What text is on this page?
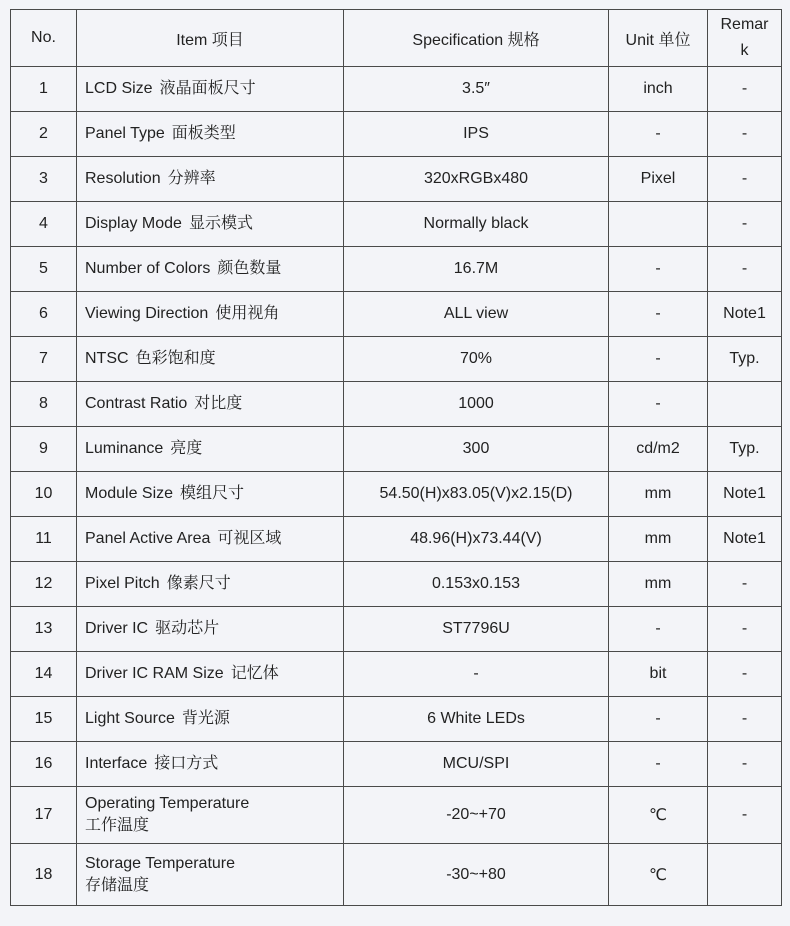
No.	Item 项目	Specification 规格	Unit 单位	Remar
k
1	LCD Size 液晶面板尺寸	3.5″	inch	-
2	Panel Type 面板类型	IPS	-	-
3	Resolution 分辨率	320xRGBx480	Pixel	-
4	Display Mode 显示模式	Normally black		-
5	Number of Colors 颜色数量	16.7M	-	-
6	Viewing Direction 使用视角	ALL view	-	Note1
7	NTSC 色彩饱和度	70%	-	Typ.
8	Contrast Ratio 对比度	1000	-	
9	Luminance 亮度	300	cd/m2	Typ.
10	Module Size 模组尺寸	54.50(H)x83.05(V)x2.15(D)	mm	Note1
11	Panel Active Area 可视区域	48.96(H)x73.44(V)	mm	Note1
12	Pixel Pitch 像素尺寸	0.153x0.153	mm	-
13	Driver IC 驱动芯片	ST7796U	-	-
14	Driver IC RAM Size 记忆体	-	bit	-
15	Light Source 背光源	6 White LEDs	-	-
16	Interface 接口方式	MCU/SPI	-	-
17	Operating Temperature
工作温度	-20~+70	℃	-
18	Storage Temperature
存储温度	-30~+80	℃	
